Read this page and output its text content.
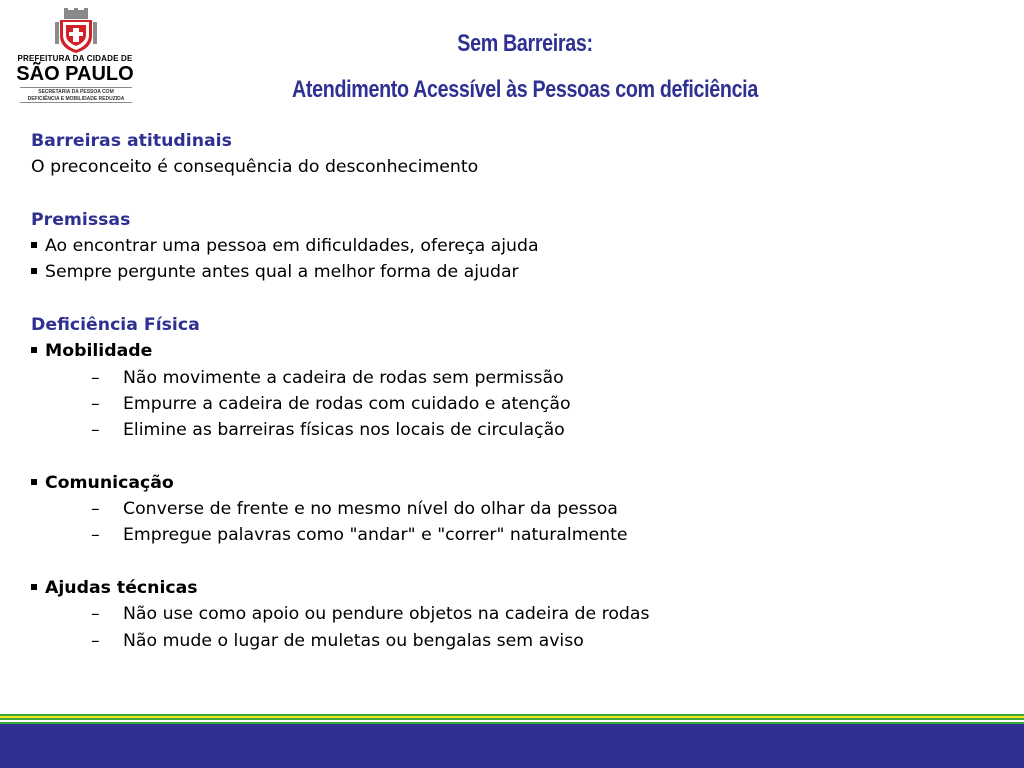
PREFEITURA DA CIDADE DE
SÃO PAULO
SECRETARIA DA PESSOA COM
DEFICIÊNCIA E MOBILIDADE REDUZIDA
Sem Barreiras:
Atendimento Acessível às Pessoas com deficiência
Barreiras atitudinais
O preconceito é consequência do desconhecimento
Premissas
Ao encontrar uma pessoa em dificuldades, ofereça ajuda
Sempre pergunte antes qual a melhor forma de ajudar
Deficiência Física
Mobilidade
– Não movimente a cadeira de rodas sem permissão
– Empurre a cadeira de rodas com cuidado e atenção
– Elimine as barreiras físicas nos locais de circulação
Comunicação
– Converse de frente e no mesmo nível do olhar da pessoa
– Empregue palavras como "andar" e "correr" naturalmente
Ajudas técnicas
– Não use como apoio ou pendure objetos na cadeira de rodas
– Não mude o lugar de muletas ou bengalas sem aviso
